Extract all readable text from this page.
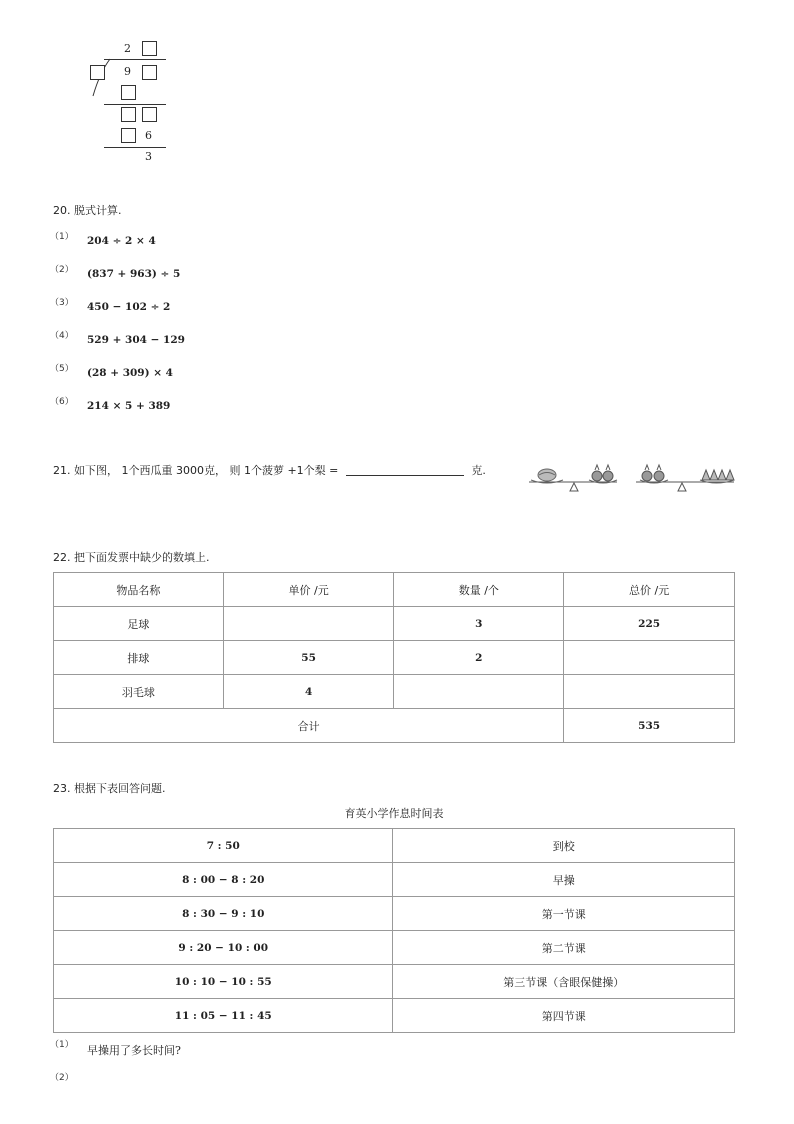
2
9
6
3
20. 脱式计算.
（1） 204 ÷ 2 × 4
（2） (837 + 963) ÷ 5
（3） 450 − 102 ÷ 2
（4） 529 + 304 − 129
（5） (28 + 309) × 4
（6） 214 × 5 + 389
21. 如下图， 1个西瓜重 3000克， 则 1个菠萝 +1个梨 =	克.
22. 把下面发票中缺少的数填上.
物品名称	单价 /元	数量 /个	总价 /元
足球		3	225
排球	55	2	
羽毛球	4		
合计			535
23. 根据下表回答问题.
育英小学作息时间表
7 : 50	到校
8 : 00 − 8 : 20	早操
8 : 30 − 9 : 10	第一节课
9 : 20 − 10 : 00	第二节课
10 : 10 − 10 : 55	第三节课（含眼保健操）
11 : 05 − 11 : 45	第四节课
（1） 早操用了多长时间?
（2）
